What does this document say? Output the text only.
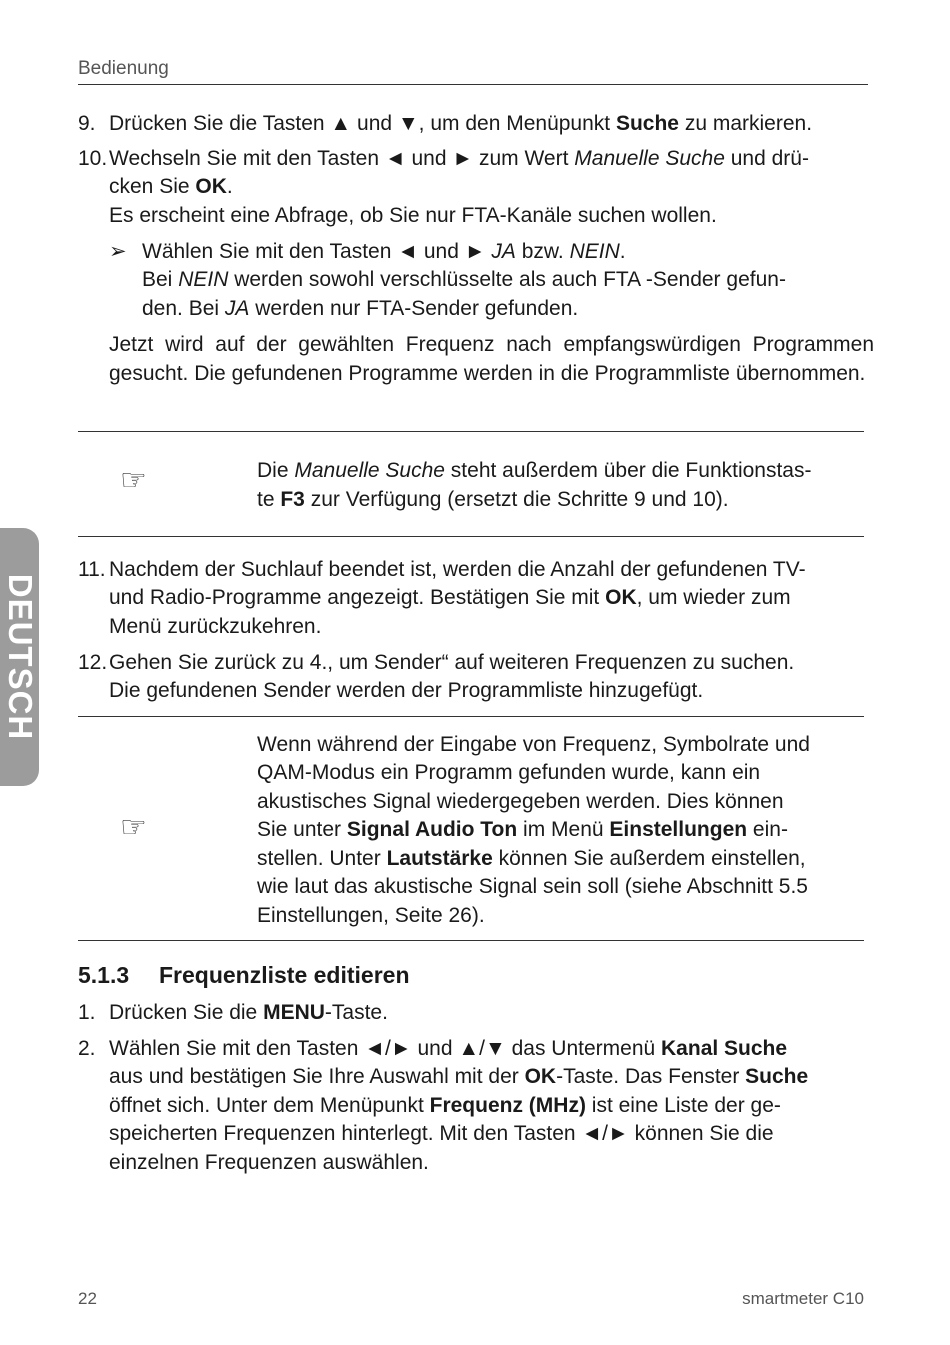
Bedienung
DEUTSCH
9. Drücken Sie die Tasten ▲ und ▼, um den Menüpunkt Suche zu markieren.
10. Wechseln Sie mit den Tasten ◄ und ► zum Wert Manuelle Suche und drü-
cken Sie OK.
Es erscheint eine Abfrage, ob Sie nur FTA-Kanäle suchen wollen.
➢ Wählen Sie mit den Tasten ◄ und ► JA bzw. NEIN.
Bei NEIN werden sowohl verschlüsselte als auch FTA -Sender gefun-
den. Bei JA werden nur FTA-Sender gefunden.
Jetzt wird auf der gewählten Frequenz nach empfangswürdigen Programmen gesucht. Die gefundenen Programme werden in die Programmliste übernommen.
☞	Die Manuelle Suche steht außerdem über die Funktionstas-
te F3 zur Verfügung (ersetzt die Schritte 9 und 10).
11. Nachdem der Suchlauf beendet ist, werden die Anzahl der gefundenen TV-
und Radio-Programme angezeigt. Bestätigen Sie mit OK, um wieder zum
Menü zurückzukehren.
12. Gehen Sie zurück zu 4., um Sender“ auf weiteren Frequenzen zu suchen.
Die gefundenen Sender werden der Programmliste hinzugefügt.
☞
Wenn während der Eingabe von Frequenz, Symbolrate und
QAM-Modus ein Programm gefunden wurde, kann ein
akustisches Signal wiedergegeben werden. Dies können
Sie unter Signal Audio Ton im Menü Einstellungen ein-
stellen. Unter Lautstärke können Sie außerdem einstellen,
wie laut das akustische Signal sein soll (siehe Abschnitt 5.5
Einstellungen, Seite 26).
5.1.3 Frequenzliste editieren
1. Drücken Sie die MENU-Taste.
2. Wählen Sie mit den Tasten ◄/► und ▲/▼ das Untermenü Kanal Suche
aus und bestätigen Sie Ihre Auswahl mit der OK-Taste. Das Fenster Suche
öffnet sich. Unter dem Menüpunkt Frequenz (MHz) ist eine Liste der ge-
speicherten Frequenzen hinterlegt. Mit den Tasten ◄/► können Sie die
einzelnen Frequenzen auswählen.
22	smartmeter C10
